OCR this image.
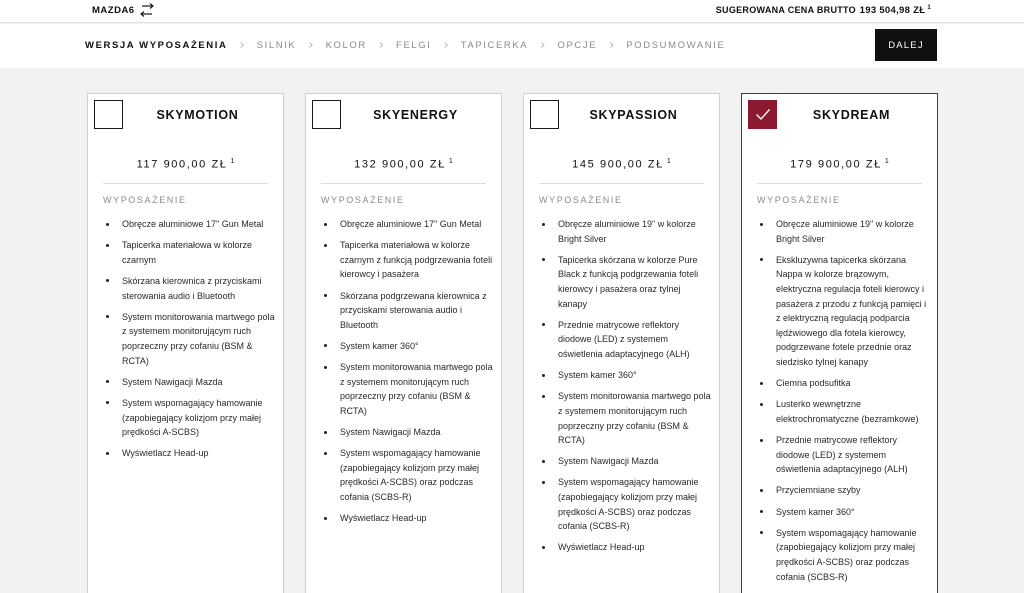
MAZDA6	SUGEROWANA CENA BRUTTO 193 504,98 ZŁ $^1$
WERSJA WYPOSAŻENIA › SILNIK › KOLOR › FELGI › TAPICERKA › OPCJE › PODSUMOWANIE	DALEJ
SKYMOTION
117 900,00 ZŁ $^1$
WYPOSAŻENIE
Obręcze aluminiowe 17" Gun Metal
Tapicerka materiałowa w kolorze czarnym
Skórzana kierownica z przyciskami sterowania audio i Bluetooth
System monitorowania martwego pola z systemem monitorującym ruch poprzeczny przy cofaniu (BSM & RCTA)
System Nawigacji Mazda
System wspomagający hamowanie (zapobiegający kolizjom przy małej prędkości A-SCBS)
Wyświetlacz Head-up
SKYENERGY
132 900,00 ZŁ $^1$
WYPOSAŻENIE
Obręcze aluminiowe 17" Gun Metal
Tapicerka materiałowa w kolorze czarnym z funkcją podgrzewania foteli kierowcy i pasażera
Skórzana podgrzewana kierownica z przyciskami sterowania audio i Bluetooth
System kamer 360°
System monitorowania martwego pola z systemem monitorującym ruch poprzeczny przy cofaniu (BSM & RCTA)
System Nawigacji Mazda
System wspomagający hamowanie (zapobiegający kolizjom przy małej prędkości A-SCBS) oraz podczas cofania (SCBS-R)
Wyświetlacz Head-up
SKYPASSION
145 900,00 ZŁ $^1$
WYPOSAŻENIE
Obręcze aluminiowe 19" w kolorze Bright Silver
Tapicerka skórzana w kolorze Pure Black z funkcją podgrzewania foteli kierowcy i pasażera oraz tylnej kanapy
Przednie matrycowe reflektory diodowe (LED) z systemem oświetlenia adaptacyjnego (ALH)
System kamer 360°
System monitorowania martwego pola z systemem monitorującym ruch poprzeczny przy cofaniu (BSM & RCTA)
System Nawigacji Mazda
System wspomagający hamowanie (zapobiegający kolizjom przy małej prędkości A-SCBS) oraz podczas cofania (SCBS-R)
Wyświetlacz Head-up
SKYDREAM
179 900,00 ZŁ $^1$
WYPOSAŻENIE
Obręcze aluminiowe 19" w kolorze Bright Silver
Ekskluzywna tapicerka skórzana Nappa w kolorze brązowym, elektryczna regulacja foteli kierowcy i pasażera z przodu z funkcją pamięci i z elektryczną regulacją podparcia lędźwiowego dla fotela kierowcy, podgrzewane fotele przednie oraz siedzisko tylnej kanapy
Ciemna podsufitka
Lusterko wewnętrzne elektrochromatyczne (bezramkowe)
Przednie matrycowe reflektory diodowe (LED) z systemem oświetlenia adaptacyjnego (ALH)
Przyciemniane szyby
System kamer 360°
System wspomagający hamowanie (zapobiegający kolizjom przy małej prędkości A-SCBS) oraz podczas cofania (SCBS-R)
